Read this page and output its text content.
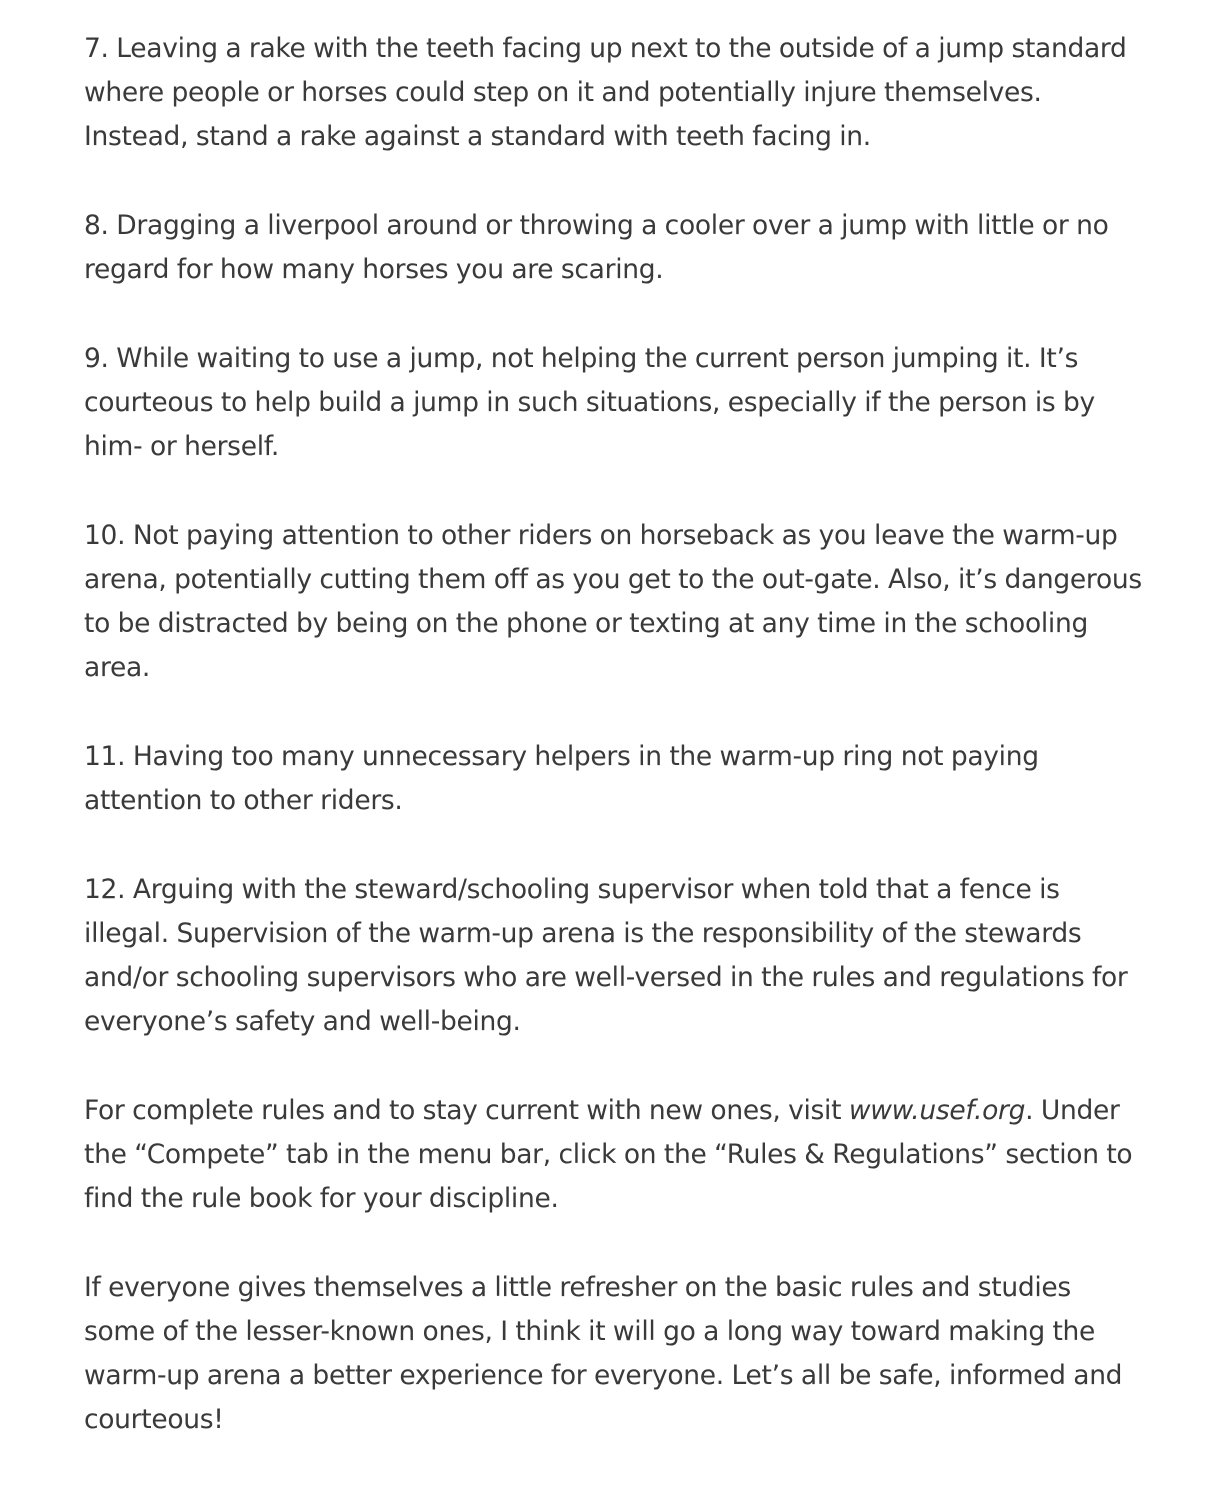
7. Leaving a rake with the teeth facing up next to the outside of a jump standard where people or horses could step on it and potentially injure themselves. Instead, stand a rake against a standard with teeth facing in.

8. Dragging a liverpool around or throwing a cooler over a jump with little or no regard for how many horses you are scaring.

9. While waiting to use a jump, not helping the current person jumping it. It’s courteous to help build a jump in such situations, especially if the person is by him- or herself.

10. Not paying attention to other riders on horseback as you leave the warm-up arena, potentially cutting them off as you get to the out-gate. Also, it’s dangerous to be distracted by being on the phone or texting at any time in the schooling area.

11. Having too many unnecessary helpers in the warm-up ring not paying attention to other riders.

12. Arguing with the steward/schooling supervisor when told that a fence is illegal. Supervision of the warm-up arena is the responsibility of the stewards and/or schooling supervisors who are well-versed in the rules and regulations for everyone’s safety and well-being.

For complete rules and to stay current with new ones, visit www.usef.org. Under the “Compete” tab in the menu bar, click on the “Rules & Regulations” section to find the rule book for your discipline.

If everyone gives themselves a little refresher on the basic rules and studies some of the lesser-known ones, I think it will go a long way toward making the warm-up arena a better experience for everyone. Let’s all be safe, informed and courteous!
